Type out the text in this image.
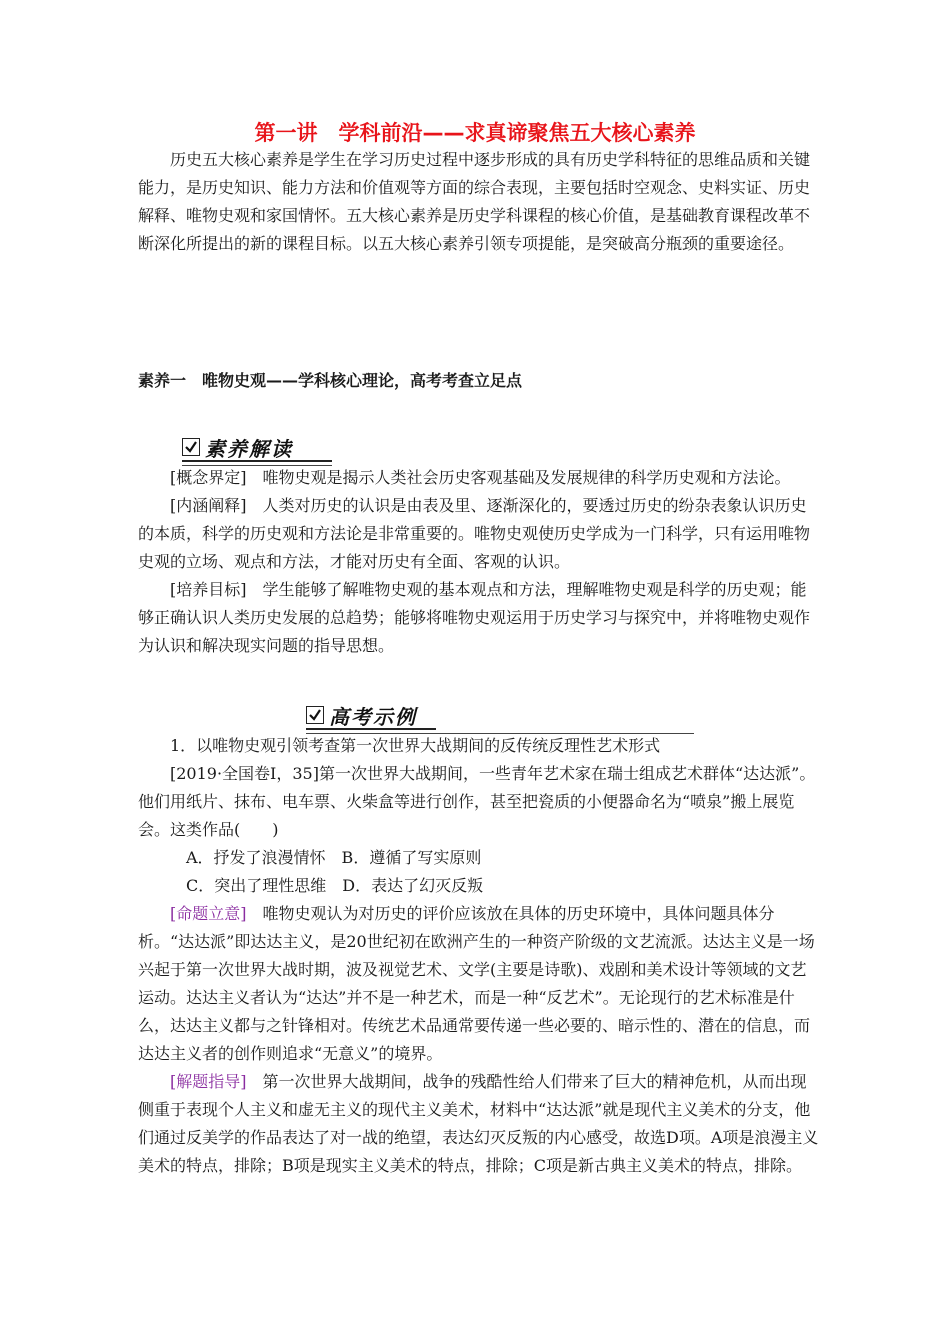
第一讲　学科前沿——求真谛聚焦五大核心素养

历史五大核心素养是学生在学习历史过程中逐步形成的具有历史学科特征的思维品质和关键能力，是历史知识、能力方法和价值观等方面的综合表现，主要包括时空观念、史料实证、历史解释、唯物史观和家国情怀。五大核心素养是历史学科课程的核心价值，是基础教育课程改革不断深化所提出的新的课程目标。以五大核心素养引领专项提能，是突破高分瓶颈的重要途径。

素养一　唯物史观——学科核心理论，高考考查立足点

素养解读

[概念界定]　 唯物史观是揭示人类社会历史客观基础及发展规律的科学历史观和方法论。

[内涵阐释]　 人类对历史的认识是由表及里、逐渐深化的，要透过历史的纷杂表象认识历史的本质，科学的历史观和方法论是非常重要的。唯物史观使历史学成为一门科学，只有运用唯物史观的立场、观点和方法，才能对历史有全面、客观的认识。

[培养目标]　 学生能够了解唯物史观的基本观点和方法，理解唯物史观是科学的历史观；能够正确认识人类历史发展的总趋势；能够将唯物史观运用于历史学习与探究中，并将唯物史观作为认识和解决现实问题的指导思想。

高考示例

1．以唯物史观引领考查第一次世界大战期间的反传统反理性艺术形式

[2019·全国卷Ⅰ，35]第一次世界大战期间，一些青年艺术家在瑞士组成艺术群体“达达派”。他们用纸片、抹布、电车票、火柴盒等进行创作，甚至把瓷质的小便器命名为“喷泉”搬上展览会。这类作品(　　)

A．抒发了浪漫情怀　B．遵循了写实原则

C．突出了理性思维　D．表达了幻灭反叛

[命题立意]　 唯物史观认为对历史的评价应该放在具体的历史环境中，具体问题具体分析。“达达派”即达达主义，是20世纪初在欧洲产生的一种资产阶级的文艺流派。达达主义是一场兴起于第一次世界大战时期，波及视觉艺术、文学(主要是诗歌)、戏剧和美术设计等领域的文艺运动。达达主义者认为“达达”并不是一种艺术，而是一种“反艺术”。无论现行的艺术标准是什么，达达主义都与之针锋相对。传统艺术品通常要传递一些必要的、暗示性的、潜在的信息，而达达主义者的创作则追求“无意义”的境界。

[解题指导]　 第一次世界大战期间，战争的残酷性给人们带来了巨大的精神危机，从而出现侧重于表现个人主义和虚无主义的现代主义美术，材料中“达达派”就是现代主义美术的分支，他们通过反美学的作品表达了对一战的绝望，表达幻灭反叛的内心感受，故选D项。A项是浪漫主义美术的特点，排除；B项是现实主义美术的特点，排除；C项是新古典主义美术的特点，排除。
